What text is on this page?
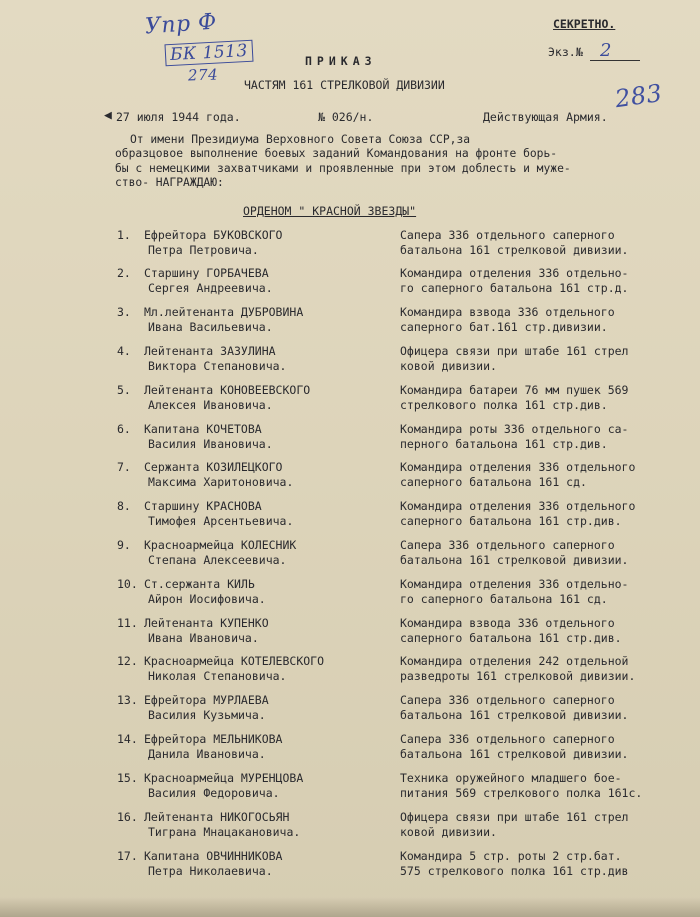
Упр Ф
БК 1513
274
283
СЕКРЕТНО.
Экз.№ 2
ПРИКАЗ
ЧАСТЯМ 161 СТРЕЛКОВОЙ ДИВИЗИИ
◀ 27 июля 1944 года.	№ 026/н.	Действующая Армия.
От имени Президиума Верховного Совета Союза ССР,за
образцовое выполнение боевых заданий Командования на фронте борь-
бы с немецкими захватчиками и проявленные при этом доблесть и муже-
ство- НАГРАЖДАЮ:
ОРДЕНОМ " КРАСНОЙ ЗВЕЗДЫ"
1. Ефрейтора БУКОВСКОГО
Петра Петровича.
Сапера 336 отдельного саперного
батальона 161 стрелковой дивизии.
2. Старшину ГОРБАЧЕВА
Сергея Андреевича.
Командира отделения 336 отдельно-
го саперного батальона 161 стр.д.
3. Мл.лейтенанта ДУБРОВИНА
Ивана Васильевича.
Командира взвода 336 отдельного
саперного бат.161 стр.дивизии.
4. Лейтенанта ЗАЗУЛИНА
Виктора Степановича.
Офицера связи при штабе 161 стрел
ковой дивизии.
5. Лейтенанта КОНОВЕЕВСКОГО
Алексея Ивановича.
Командира батареи 76 мм пушек 569
стрелкового полка 161 стр.див.
6. Капитана КОЧЕТОВА
Василия Ивановича.
Командира роты 336 отдельного са-
перного батальона 161 стр.див.
7. Сержанта КОЗИЛЕЦКОГО
Максима Харитоновича.
Командира отделения 336 отдельного
саперного батальона 161 сд.
8. Старшину КРАСНОВА
Тимофея Арсентьевича.
Командира отделения 336 отдельного
саперного батальона 161 стр.див.
9. Красноармейца КОЛЕСНИК
Степана Алексеевича.
Сапера 336 отдельного саперного
батальона 161 стрелковой дивизии.
10. Ст.сержанта КИЛЬ
Айрон Иосифовича.
Командира отделения 336 отдельно-
го саперного батальона 161 сд.
11. Лейтенанта КУПЕНКО
Ивана Ивановича.
Командира взвода 336 отдельного
саперного батальона 161 стр.див.
12. Красноармейца КОТЕЛЕВСКОГО
Николая Степановича.
Командира отделения 242 отдельной
разведроты 161 стрелковой дивизии.
13. Ефрейтора МУРЛАЕВА
Василия Кузьмича.
Сапера 336 отдельного саперного
батальона 161 стрелковой дивизии.
14. Ефрейтора МЕЛЬНИКОВА
Данила Ивановича.
Сапера 336 отдельного саперного
батальона 161 стрелковой дивизии.
15. Красноармейца МУРЕНЦОВА
Василия Федоровича.
Техника оружейного младшего бое-
питания 569 стрелкового полка 161с.
16. Лейтенанта НИКОГОСЬЯН
Тиграна Мнацакановича.
Офицера связи при штабе 161 стрел
ковой дивизии.
17. Капитана ОВЧИННИКОВА
Петра Николаевича.
Командира 5 стр. роты 2 стр.бат.
575 стрелкового полка 161 стр.див
